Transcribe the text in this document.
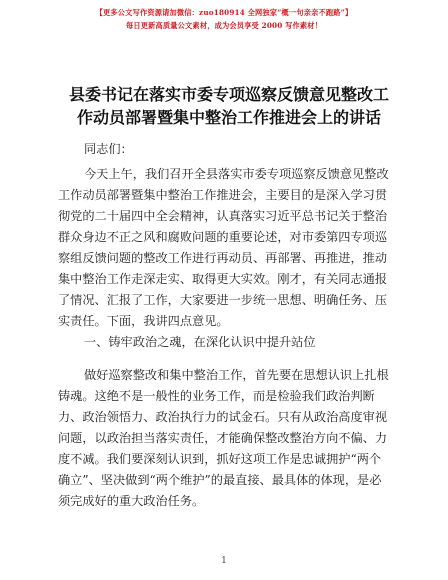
【更多公文写作资源请加微信：zuo180914 全网独家“概一句亲亲不跑路”】
每日更新高质量公文素材，成为会员享受 2000 写作素材！
县委书记在落实市委专项巡察反馈意见整改工
作动员部署暨集中整治工作推进会上的讲话
同志们：
今天上午，我们召开全县落实市委专项巡察反馈意见整改
工作动员部署暨集中整治工作推进会，主要目的是深入学习贯
彻党的二十届四中全会精神，认真落实习近平总书记关于整治
群众身边不正之风和腐败问题的重要论述，对市委第四专项巡
察组反馈问题的整改工作进行再动员、再部署、再推进，推动
集中整治工作走深走实、取得更大实效。刚才，有关同志通报
了情况、汇报了工作，大家要进一步统一思想、明确任务、压
实责任。下面，我讲四点意见。
一、铸牢政治之魂，在深化认识中提升站位
做好巡察整改和集中整治工作，首先要在思想认识上扎根
铸魂。这绝不是一般性的业务工作，而是检验我们政治判断
力、政治领悟力、政治执行力的试金石。只有从政治高度审视
问题，以政治担当落实责任，才能确保整改整治方向不偏、力
度不减。我们要深刻认识到，抓好这项工作是忠诚拥护“两个
确立”、坚决做到“两个维护”的最直接、最具体的体现，是必
须完成好的重大政治任务。
1
